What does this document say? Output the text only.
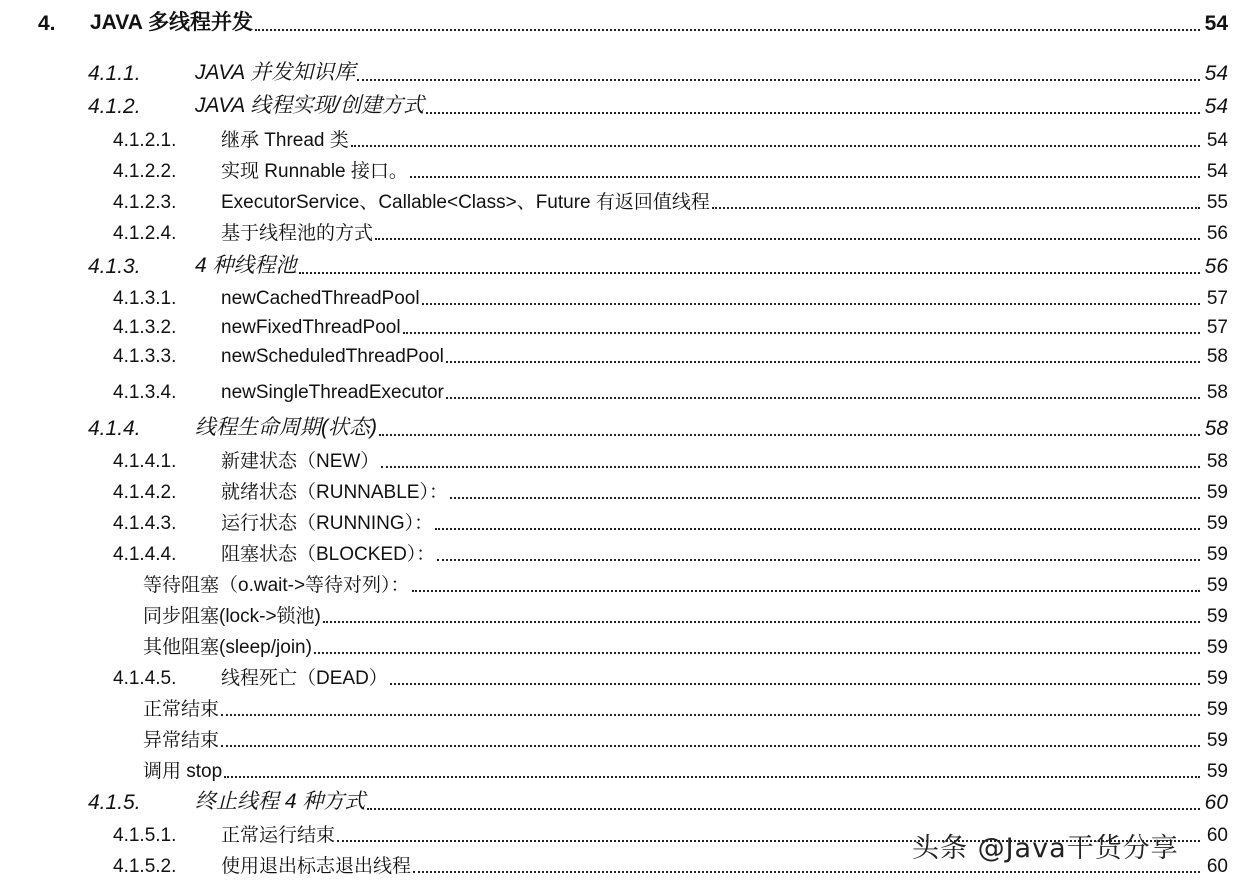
4. JAVA 多线程并发	54
4.1.1.	JAVA 并发知识库	54
4.1.2.	JAVA 线程实现/创建方式	54
4.1.2.1. 继承 Thread 类	54
4.1.2.2. 实现 Runnable 接口。	54
4.1.2.3. ExecutorService、Callable<Class>、Future 有返回值线程	55
4.1.2.4. 基于线程池的方式	56
4.1.3.	4 种线程池	56
4.1.3.1. newCachedThreadPool	57
4.1.3.2. newFixedThreadPool	57
4.1.3.3. newScheduledThreadPool	58
4.1.3.4. newSingleThreadExecutor	58
4.1.4.	线程生命周期(状态)	58
4.1.4.1. 新建状态（NEW）	58
4.1.4.2. 就绪状态（RUNNABLE）：	59
4.1.4.3. 运行状态（RUNNING）：	59
4.1.4.4. 阻塞状态（BLOCKED）：	59
等待阻塞（o.wait->等待对列）：	59
同步阻塞(lock->锁池)	59
其他阻塞(sleep/join)	59
4.1.4.5. 线程死亡（DEAD）	59
正常结束	59
异常结束	59
调用 stop	59
4.1.5.	终止线程 4 种方式	60
4.1.5.1. 正常运行结束	60
4.1.5.2. 使用退出标志退出线程	60
头条 @Java干货分享
